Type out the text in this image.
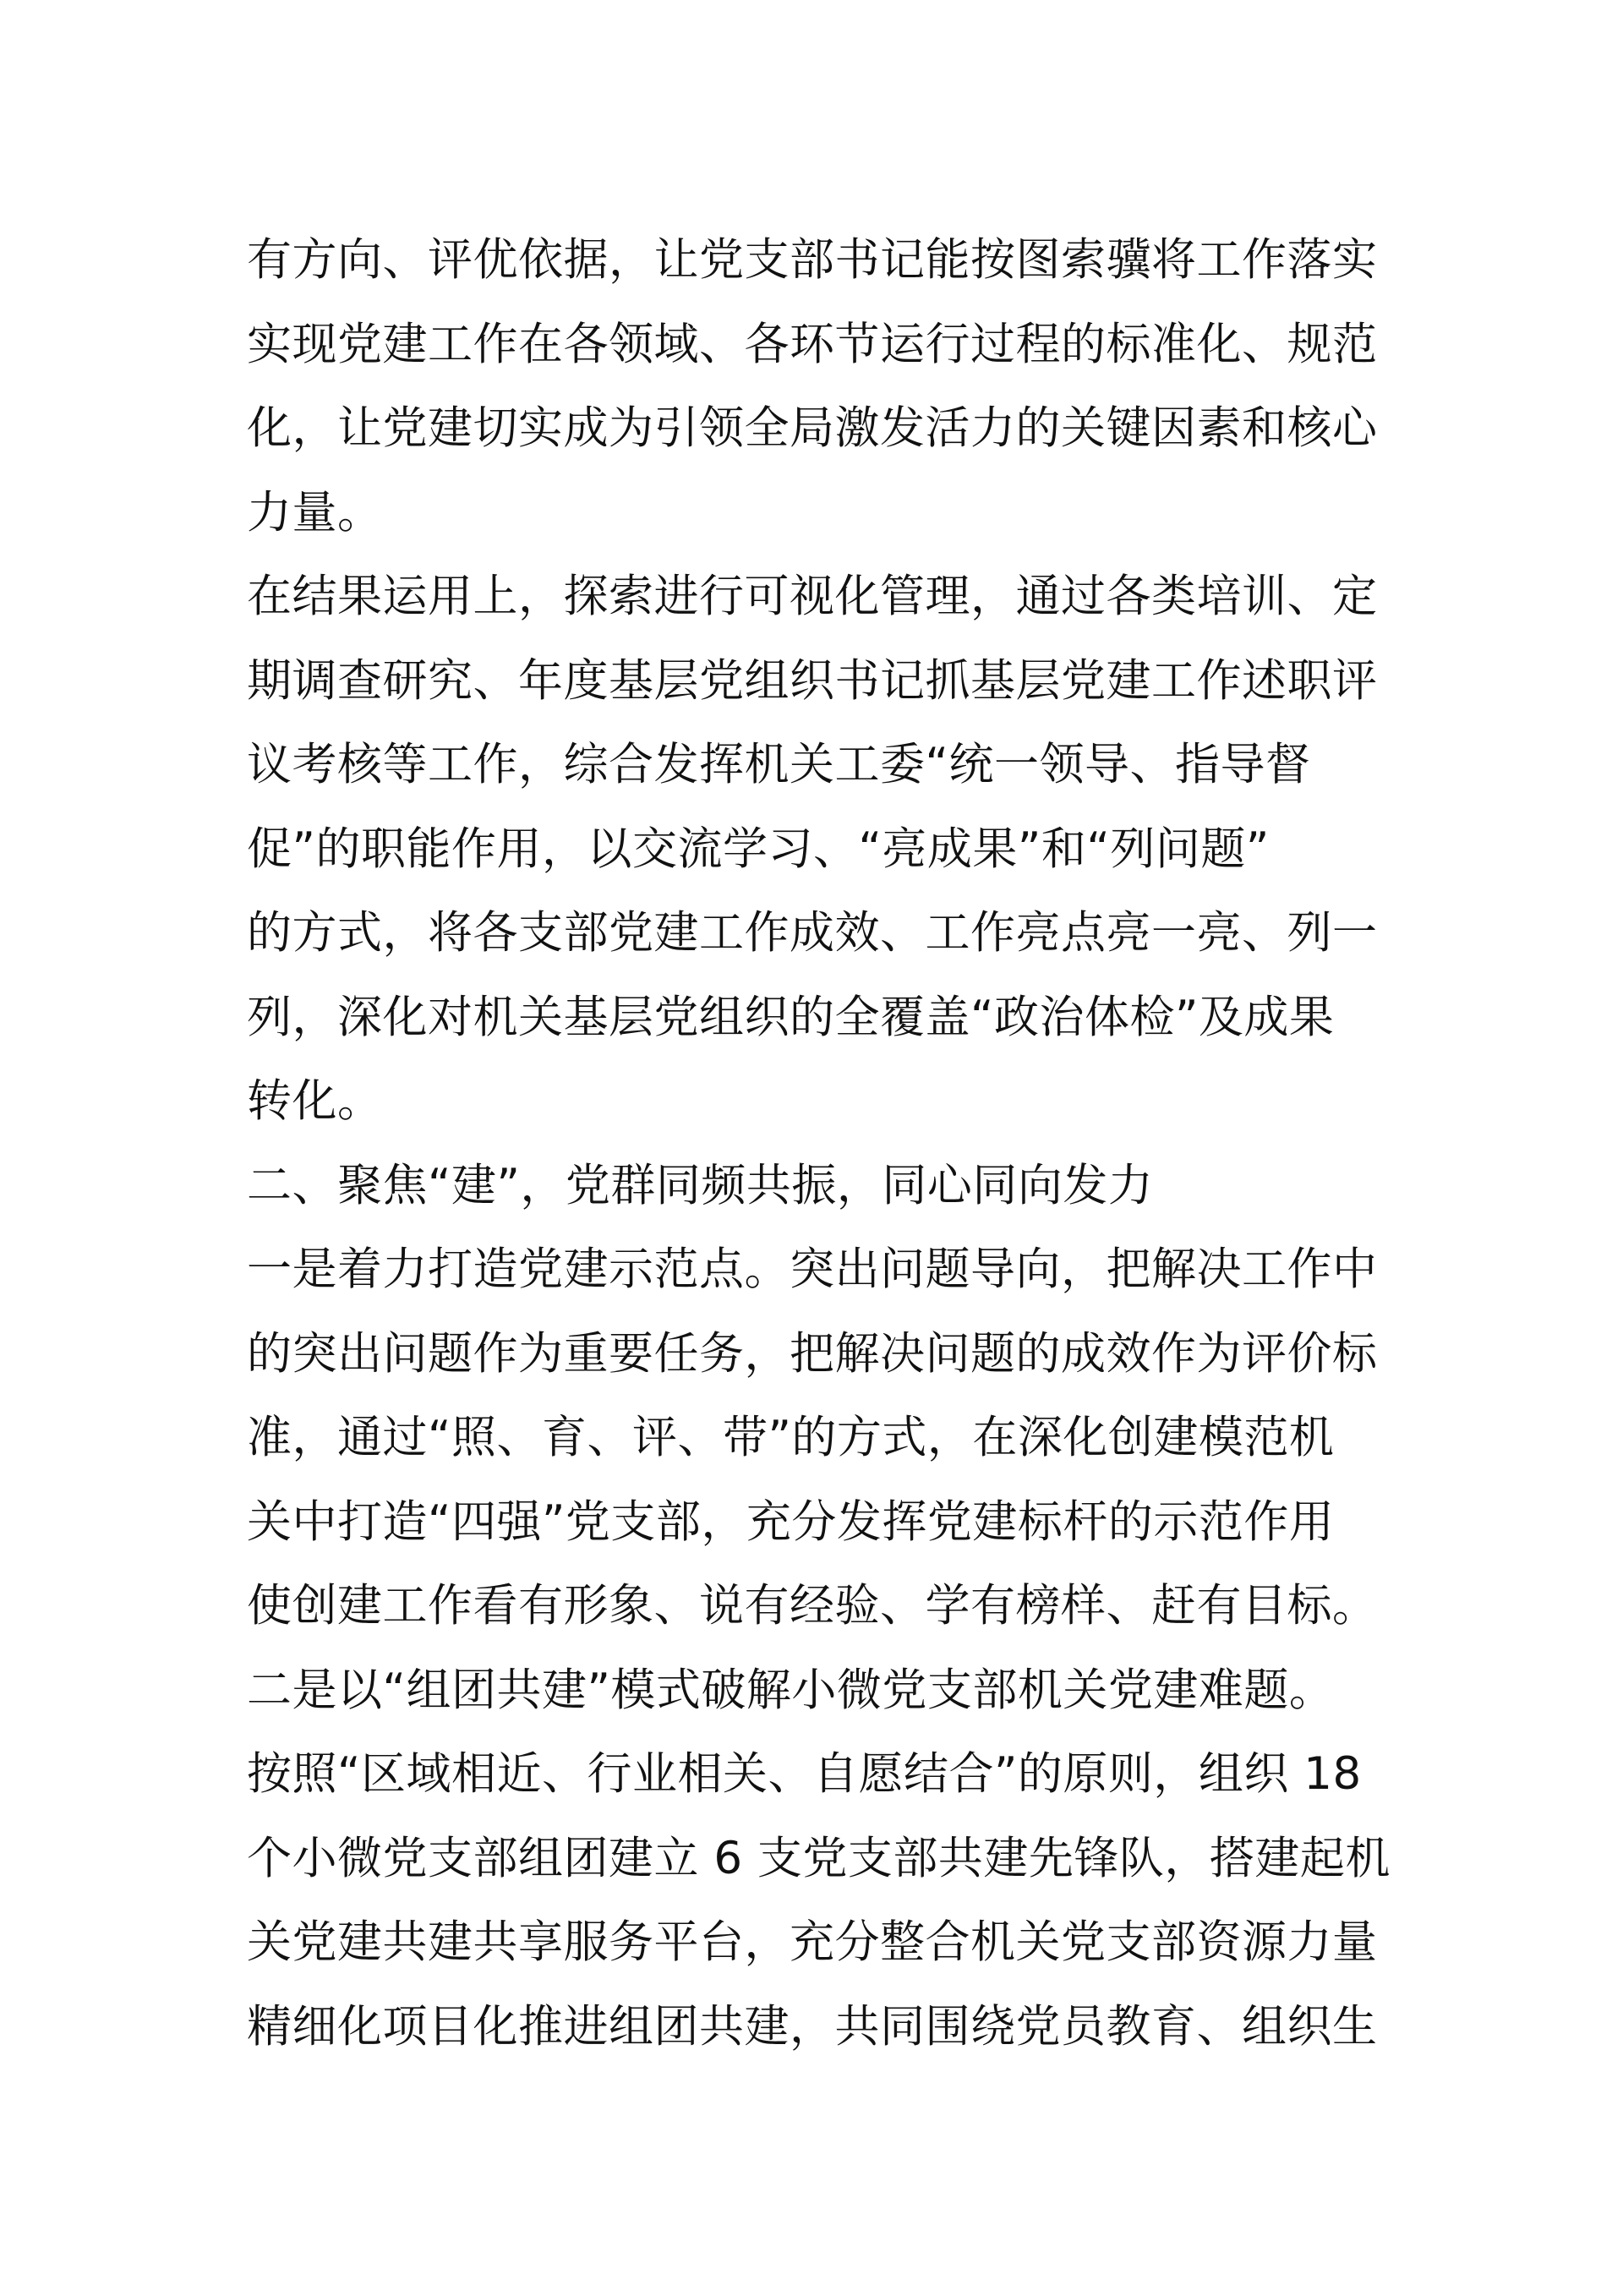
有方向、评优依据，让党支部书记能按图索骥将工作落实
实现党建工作在各领域、各环节运行过程的标准化、规范
化，让党建切实成为引领全局激发活力的关键因素和核心
力量。
在结果运用上，探索进行可视化管理，通过各类培训、定
期调查研究、年度基层党组织书记抓基层党建工作述职评
议考核等工作，综合发挥机关工委“统一领导、指导督
促”的职能作用，以交流学习、“亮成果”和“列问题”
的方式，将各支部党建工作成效、工作亮点亮一亮、列一
列，深化对机关基层党组织的全覆盖“政治体检”及成果
转化。
二、聚焦“建”，党群同频共振，同心同向发力
一是着力打造党建示范点。突出问题导向，把解决工作中
的突出问题作为重要任务，把解决问题的成效作为评价标
准，通过“照、育、评、带”的方式，在深化创建模范机
关中打造“四强”党支部，充分发挥党建标杆的示范作用
使创建工作看有形象、说有经验、学有榜样、赶有目标。
二是以“组团共建”模式破解小微党支部机关党建难题。
按照“区域相近、行业相关、自愿结合”的原则，组织 18
个小微党支部组团建立 6 支党支部共建先锋队，搭建起机
关党建共建共享服务平台，充分整合机关党支部资源力量
精细化项目化推进组团共建，共同围绕党员教育、组织生
